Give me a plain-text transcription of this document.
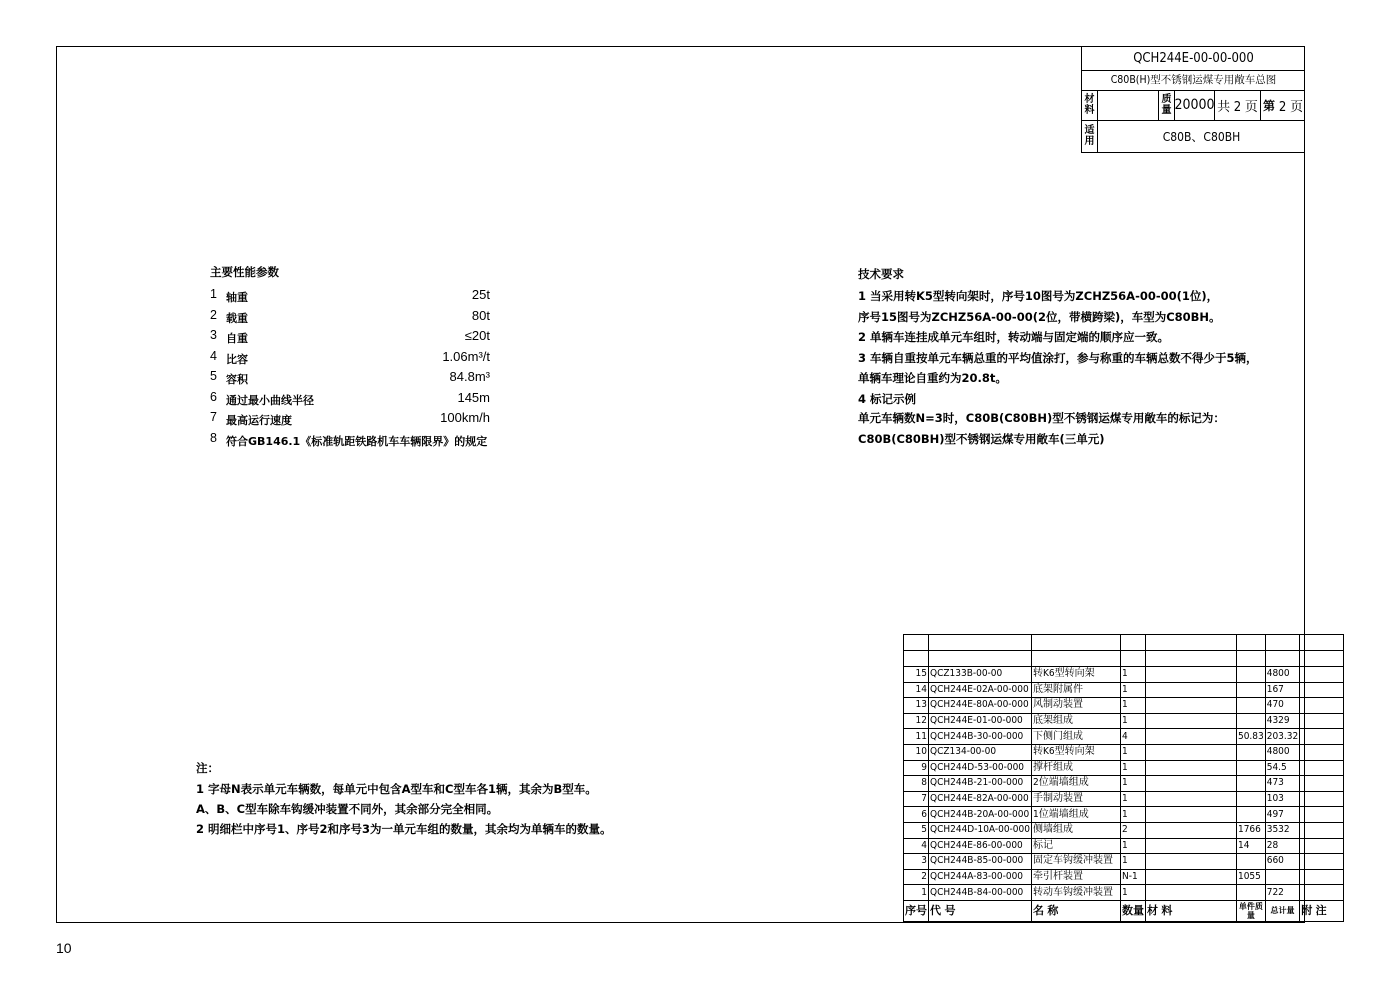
QCH244E-00-00-000
C80B(H)型不锈钢运煤专用敞车总图
材料
质量 20000 共 2 页 第 2 页
适用	C80B、C80BH
主要性能参数
1 轴重	25t
2 载重	80t
3 自重	≤20t
4 比容	1.06m³/t
5 容积	84.8m³
6 通过最小曲线半径	145m
7 最高运行速度	100km/h
8 符合GB146.1《标准轨距铁路机车车辆限界》的规定
技术要求
1 当采用转K5型转向架时，序号10图号为ZCHZ56A-00-00(1位)，
序号15图号为ZCHZ56A-00-00(2位，带横跨梁)，车型为C80BH。
2 单辆车连挂成单元车组时，转动端与固定端的顺序应一致。
3 车辆自重按单元车辆总重的平均值涂打，参与称重的车辆总数不得少于5辆，
单辆车理论自重约为20.8t。
4 标记示例
单元车辆数N=3时，C80B(C80BH)型不锈钢运煤专用敞车的标记为：
C80B(C80BH)型不锈钢运煤专用敞车(三单元)
注：
1 字母N表示单元车辆数，每单元中包含A型车和C型车各1辆，其余为B型车。
A、B、C型车除车钩缓冲装置不同外，其余部分完全相同。
2 明细栏中序号1、序号2和序号3为一单元车组的数量，其余均为单辆车的数量。

15	QCZ133B-00-00	转K6型转向架	1			4800	
14	QCH244E-02A-00-000	底架附属件	1			167	
13	QCH244E-80A-00-000	风制动装置	1			470	
12	QCH244E-01-00-000	底架组成	1			4329	
11	QCH244B-30-00-000	下侧门组成	4		50.83	203.32	
10	QCZ134-00-00	转K6型转向架	1			4800	
9	QCH244D-53-00-000	撑杆组成	1			54.5	
8	QCH244B-21-00-000	2位端墙组成	1			473	
7	QCH244E-82A-00-000	手制动装置	1			103	
6	QCH244B-20A-00-000	1位端墙组成	1			497	
5	QCH244D-10A-00-000	侧墙组成	2		1766	3532	
4	QCH244E-86-00-000	标记	1		14	28	
3	QCH244B-85-00-000	固定车钩缓冲装置	1			660	
2	QCH244A-83-00-000	牵引杆装置	N-1		1055		
1	QCH244B-84-00-000	转动车钩缓冲装置	1			722	
序号	代 号	名 称	数量	材 料	单件质量	总计量	附 注
10
